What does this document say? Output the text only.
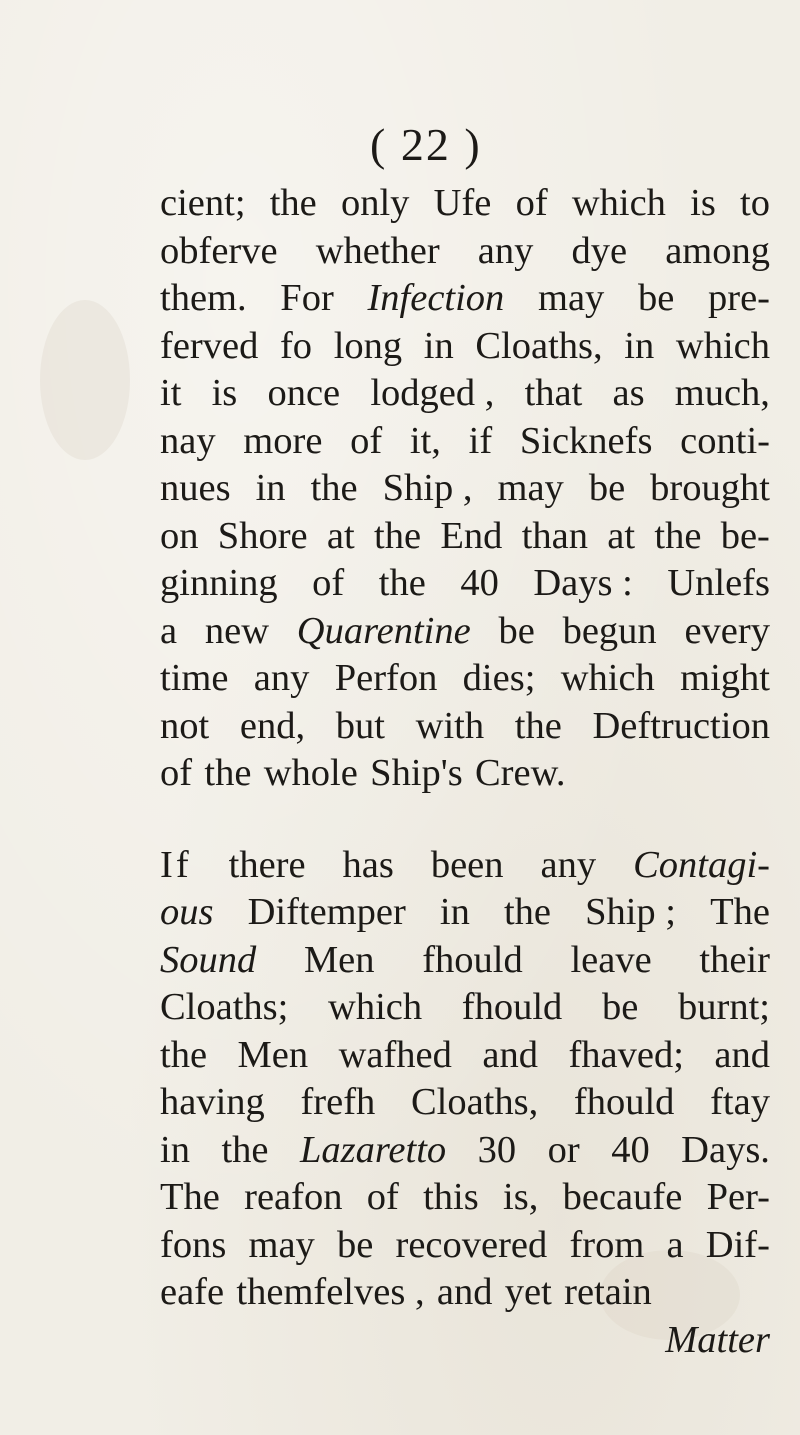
( 22 )
cient; the only Ufe of which is to
obferve whether any dye among
them. For Infection may be pre-
ferved fo long in Cloaths, in which
it is once lodged , that as much,
nay more of it, if Sicknefs conti-
nues in the Ship , may be brought
on Shore at the End than at the be-
ginning of the 40 Days : Unlefs
a new Quarentine be begun every
time any Perfon dies; which might
not end, but with the Deftruction
of the whole Ship's Crew.
If there has been any Contagi-
ous Diftemper in the Ship ; The
Sound Men fhould leave their
Cloaths; which fhould be burnt;
the Men wafhed and fhaved; and
having frefh Cloaths, fhould ftay
in the Lazaretto 30 or 40 Days.
The reafon of this is, becaufe Per-
fons may be recovered from a Dif-
eafe themfelves , and yet retain
Matter
